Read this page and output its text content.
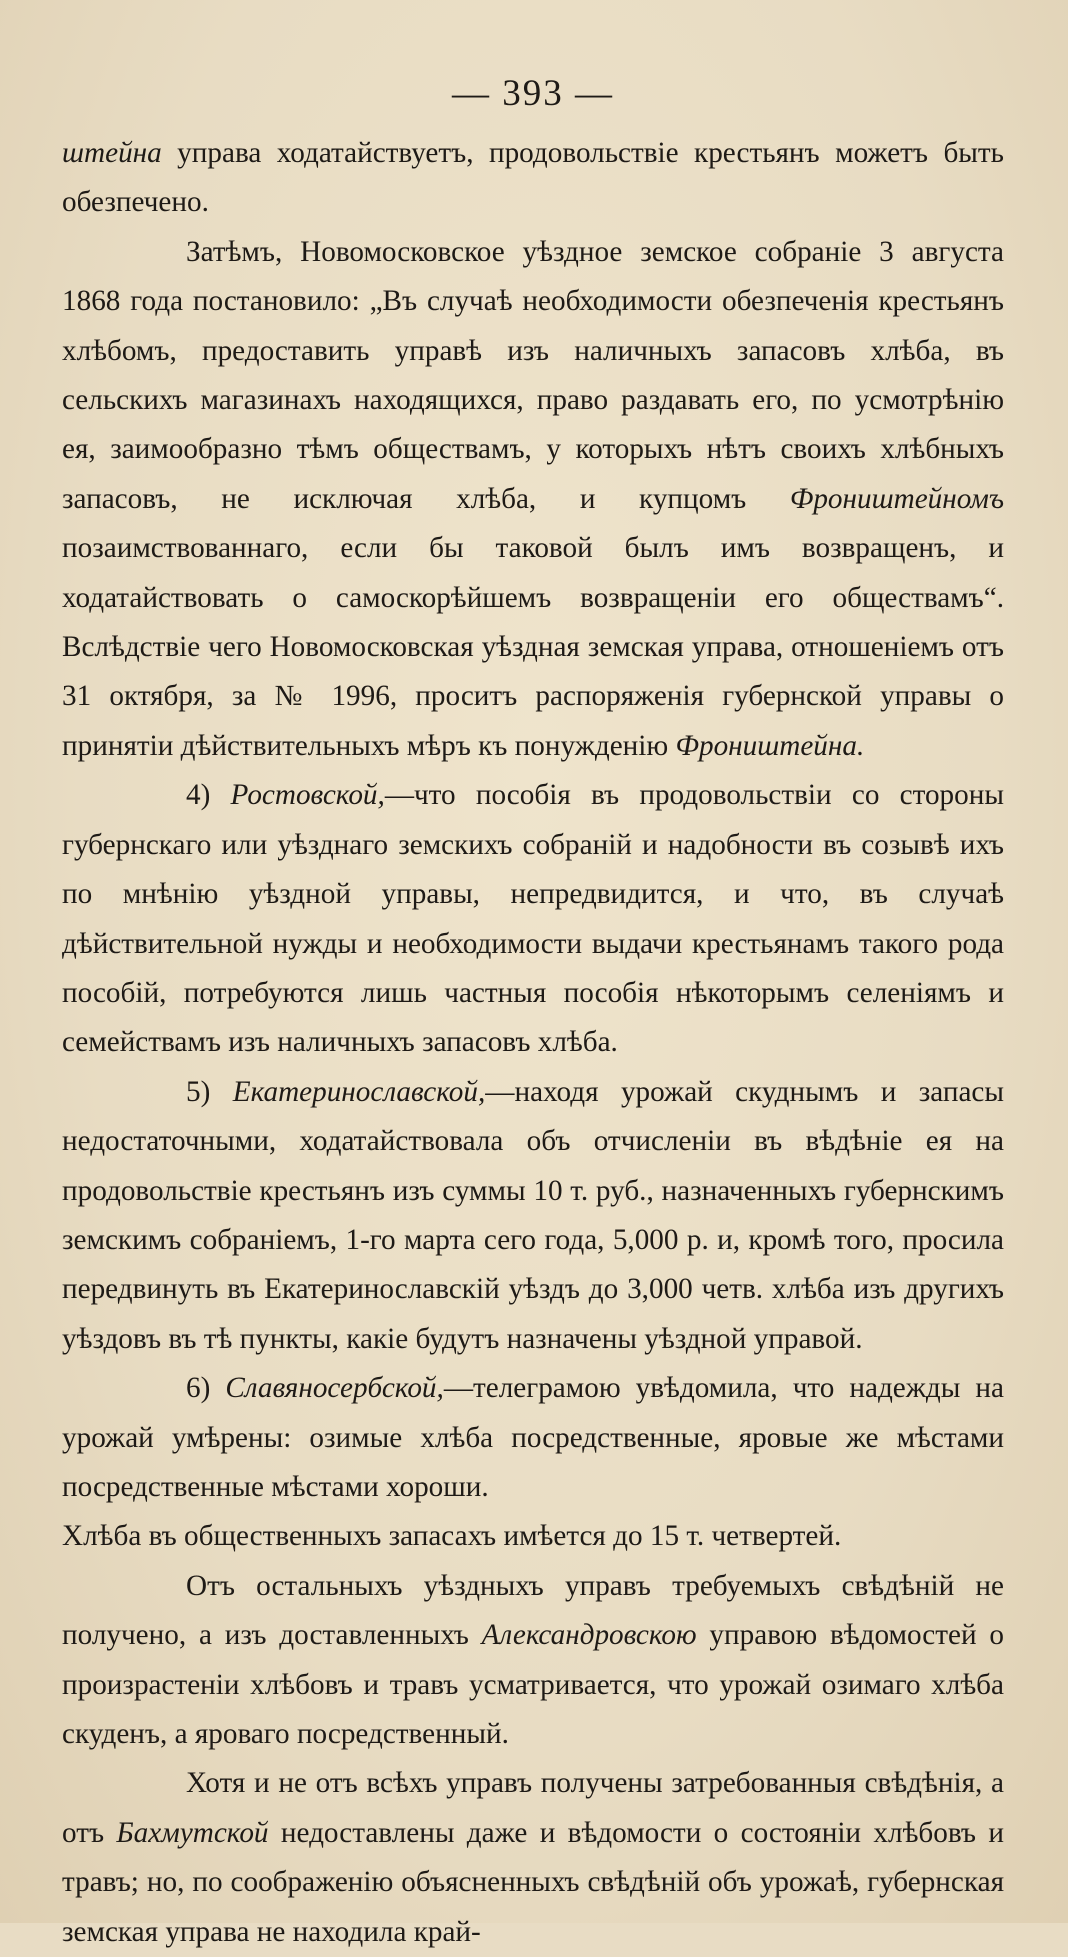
— 393 —

штейна управа ходатайствуетъ, продовольствіе крестьянъ можетъ быть обезпечено.

Затѣмъ, Новомосковское уѣздное земское собраніе 3 августа 1868 года постановило: „Въ случаѣ необходимости обезпеченія крестьянъ хлѣбомъ, предоставить управѣ изъ наличныхъ запасовъ хлѣба, въ сельскихъ магазинахъ находящихся, право раздавать его, по усмотрѣнію ея, заимообразно тѣмъ обществамъ, у которыхъ нѣтъ своихъ хлѣбныхъ запасовъ, не исключая хлѣба, и купцомъ Фроништейномъ позаимствованнаго, если бы таковой былъ имъ возвращенъ, и ходатайствовать о самоскорѣйшемъ возвращеніи его обществамъ“. Вслѣдствіе чего Новомосковская уѣздная земская управа, отношеніемъ отъ 31 октября, за № 1996, проситъ распоряженія губернской управы о принятіи дѣйствительныхъ мѣръ къ понужденію Фроништейна.

4) Ростовской,—что пособія въ продовольствіи со стороны губернскаго или уѣзднаго земскихъ собраній и надобности въ созывѣ ихъ по мнѣнію уѣздной управы, непредвидится, и что, въ случаѣ дѣйствительной нужды и необходимости выдачи крестьянамъ такого рода пособій, потребуются лишь частныя пособія нѣкоторымъ селеніямъ и семействамъ изъ наличныхъ запасовъ хлѣба.

5) Екатеринославской,—находя урожай скуднымъ и запасы недостаточными, ходатайствовала объ отчисленіи въ вѣдѣніе ея на продовольствіе крестьянъ изъ суммы 10 т. руб., назначенныхъ губернскимъ земскимъ собраніемъ, 1-го марта сего года, 5,000 р. и, кромѣ того, просила передвинуть въ Екатеринославскій уѣздъ до 3,000 четв. хлѣба изъ другихъ уѣздовъ въ тѣ пункты, какіе будутъ назначены уѣздной управой.

6) Славяносербской,—телеграмою увѣдомила, что надежды на урожай умѣрены: озимые хлѣба посредственные, яровые же мѣстами посредственные мѣстами хороши.

Хлѣба въ общественныхъ запасахъ имѣется до 15 т. четвертей.

Отъ остальныхъ уѣздныхъ управъ требуемыхъ свѣдѣній не получено, а изъ доставленныхъ Александровскою управою вѣдомостей о произрастеніи хлѣбовъ и травъ усматривается, что урожай озимаго хлѣба скуденъ, а яроваго посредственный.

Хотя и не отъ всѣхъ управъ получены затребованныя свѣдѣнія, а отъ Бахмутской недоставлены даже и вѣдомости о состояніи хлѣбовъ и травъ; но, по соображенію объясненныхъ свѣдѣній объ урожаѣ, губернская земская управа не находила край-
